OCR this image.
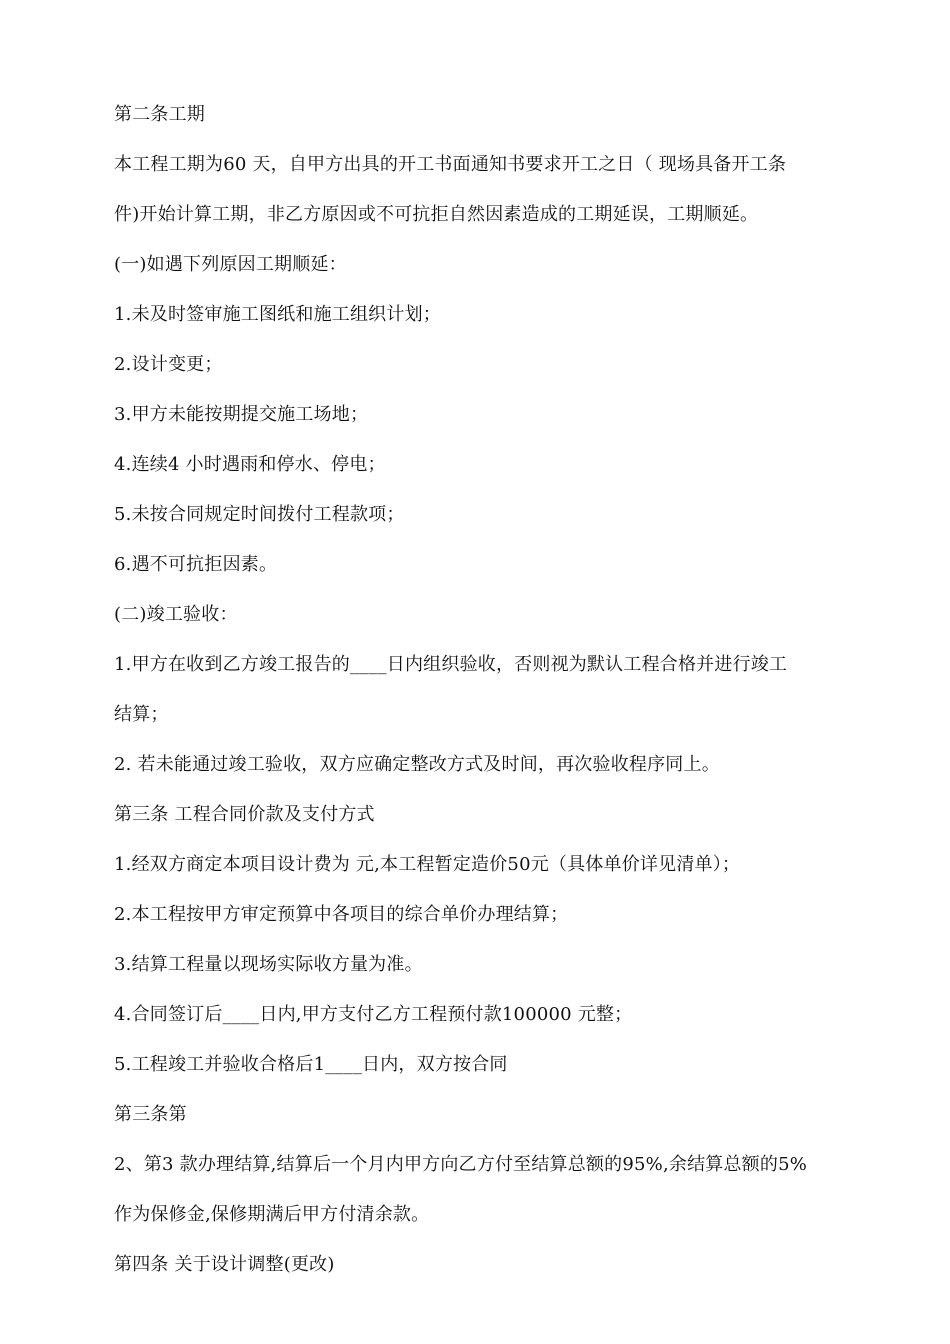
第二条工期
本工程工期为60 天，自甲方出具的开工书面通知书要求开工之日（ 现场具备开工条
件)开始计算工期，非乙方原因或不可抗拒自然因素造成的工期延误，工期顺延。
(一)如遇下列原因工期顺延：
1.未及时签审施工图纸和施工组织计划；
2.设计变更；
3.甲方未能按期提交施工场地；
4.连续4 小时遇雨和停水、停电；
5.未按合同规定时间拨付工程款项；
6.遇不可抗拒因素。
(二)竣工验收：
1.甲方在收到乙方竣工报告的____日内组织验收，否则视为默认工程合格并进行竣工
结算；
2. 若未能通过竣工验收，双方应确定整改方式及时间，再次验收程序同上。
第三条 工程合同价款及支付方式
1.经双方商定本项目设计费为 元,本工程暂定造价50元（具体单价详见清单）；
2.本工程按甲方审定预算中各项目的综合单价办理结算；
3.结算工程量以现场实际收方量为准。
4.合同签订后____日内,甲方支付乙方工程预付款100000 元整；
5.工程竣工并验收合格后1____日内，双方按合同
第三条第
2、第3 款办理结算,结算后一个月内甲方向乙方付至结算总额的95%,余结算总额的5%
作为保修金,保修期满后甲方付清余款。
第四条 关于设计调整(更改)
